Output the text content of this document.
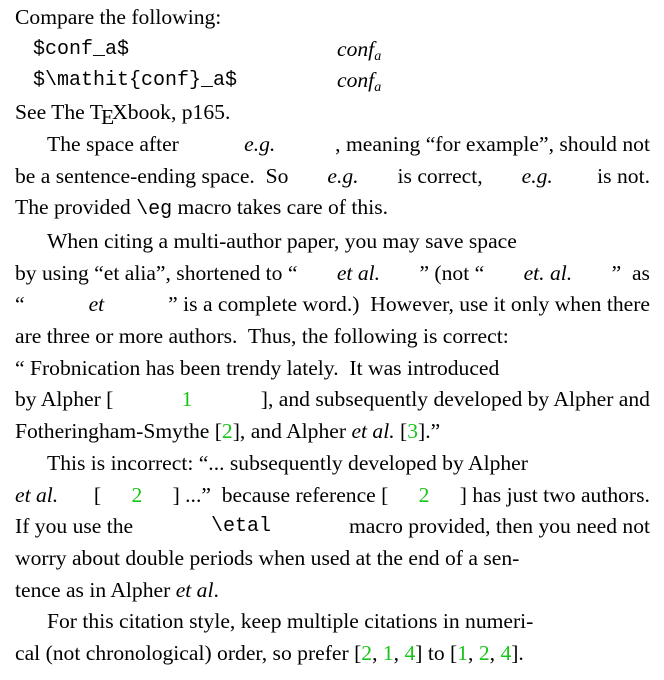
Compare the following:
$conf_a$	conf$_a$
$\mathit{conf}_a$	conf$_a$
See The TEXbook, p165.
The space after	e.g.	, meaning “for example”, should not
be a sentence-ending space.  So e.g. is correct, e.g. is not.
The provided \eg macro takes care of this.
When citing a multi-author paper, you may save space
by using “et alia”, shortened to “ et al. ” (not “ et. al. ”  as
“	et	” is a complete word.)  However, use it only when there
are three or more authors.  Thus, the following is correct:
“ Frobnication has been trendy lately.  It was introduced
by Alpher [	1	], and subsequently developed by Alpher and
Fotheringham-Smythe [2], and Alpher et al. [3].”
This is incorrect: “... subsequently developed by Alpher
et al. [ 2 ] ...”  because reference [ 2 ] has just two authors.
If you use the	\etal	macro provided, then you need not
worry about double periods when used at the end of a sen-
tence as in Alpher et al.
For this citation style, keep multiple citations in numeri-
cal (not chronological) order, so prefer [2, 1, 4] to [1, 2, 4].
